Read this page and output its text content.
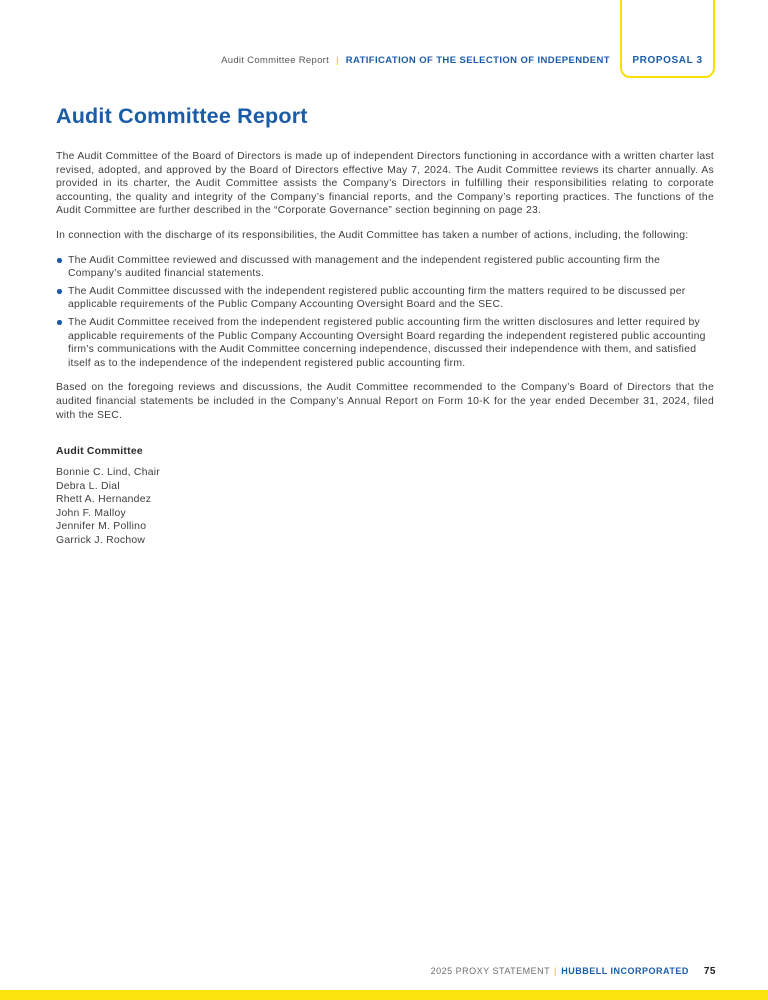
PROPOSAL 3
Audit Committee Report | RATIFICATION OF THE SELECTION OF INDEPENDENT
Audit Committee Report

The Audit Committee of the Board of Directors is made up of independent Directors functioning in accordance with a written charter last revised, adopted, and approved by the Board of Directors effective May 7, 2024. The Audit Committee reviews its charter annually. As provided in its charter, the Audit Committee assists the Company’s Directors in fulfilling their responsibilities relating to corporate accounting, the quality and integrity of the Company’s financial reports, and the Company’s reporting practices. The functions of the Audit Committee are further described in the “Corporate Governance” section beginning on page 23.

In connection with the discharge of its responsibilities, the Audit Committee has taken a number of actions, including, the following:

The Audit Committee reviewed and discussed with management and the independent registered public accounting firm the Company’s audited financial statements.
The Audit Committee discussed with the independent registered public accounting firm the matters required to be discussed per applicable requirements of the Public Company Accounting Oversight Board and the SEC.
The Audit Committee received from the independent registered public accounting firm the written disclosures and letter required by applicable requirements of the Public Company Accounting Oversight Board regarding the independent registered public accounting firm’s communications with the Audit Committee concerning independence, discussed their independence with them, and satisfied itself as to the independence of the independent registered public accounting firm.

Based on the foregoing reviews and discussions, the Audit Committee recommended to the Company’s Board of Directors that the audited financial statements be included in the Company’s Annual Report on Form 10-K for the year ended December 31, 2024, filed with the SEC.

Audit Committee
Bonnie C. Lind, Chair
Debra L. Dial
Rhett A. Hernandez
John F. Malloy
Jennifer M. Pollino
Garrick J. Rochow
2025 PROXY STATEMENT | HUBBELL INCORPORATED 75
